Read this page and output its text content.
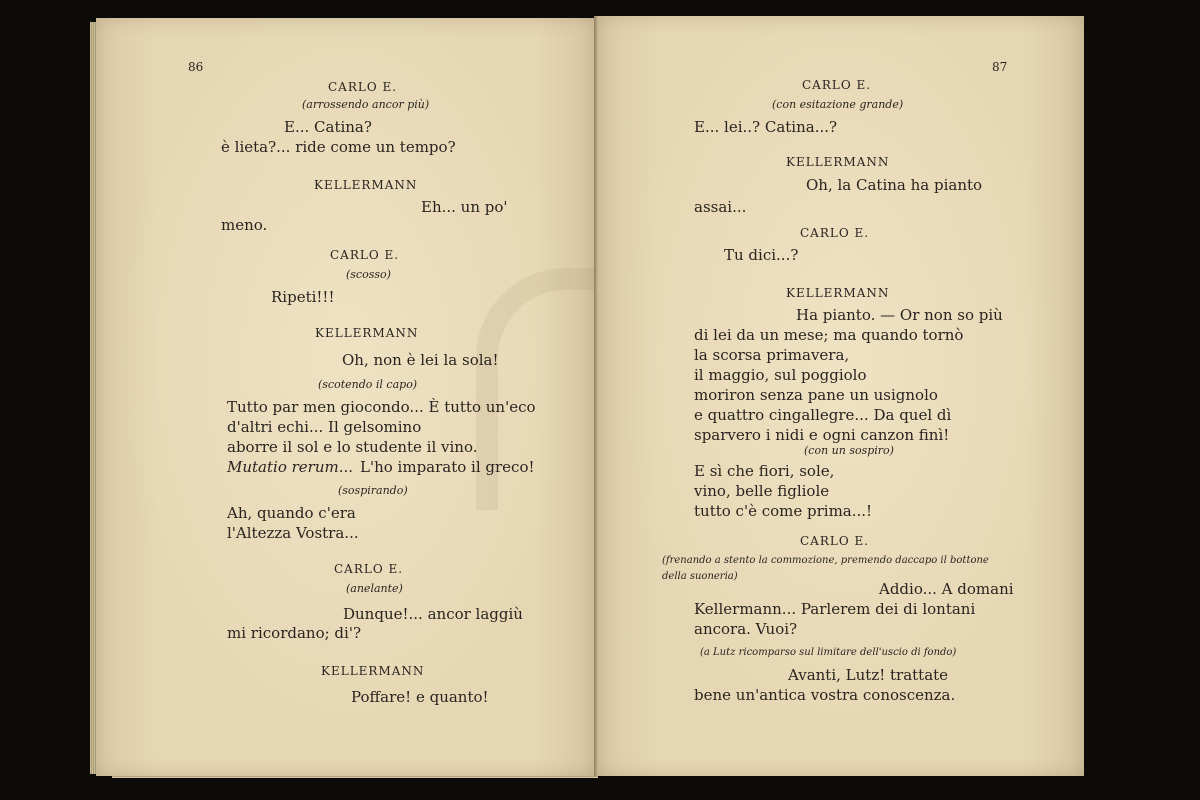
86
CARLO E.
(arrossendo ancor più)
E... Catina?
è lieta?... ride come un tempo?
KELLERMANN
Eh... un po'
meno.
CARLO E.
(scosso)
Ripeti!!!
KELLERMANN
Oh, non è lei la sola!
(scotendo il capo)
Tutto par men giocondo... È tutto un'eco
d'altri echi... Il gelsomino
aborre il sol e lo studente il vino.
Mutatio rerum... L'ho imparato il greco!
(sospirando)
Ah, quando c'era
l'Altezza Vostra...
CARLO E.
(anelante)
Dunque!... ancor laggiù
mi ricordano; di'?
KELLERMANN
Poffare! e quanto!
87
CARLO E.
(con esitazione grande)
E... lei..? Catina...?
KELLERMANN
Oh, la Catina ha pianto
assai...
CARLO E.
Tu dici...?
KELLERMANN
Ha pianto. — Or non so più
di lei da un mese; ma quando tornò
la scorsa primavera,
il maggio, sul poggiolo
moriron senza pane un usignolo
e quattro cingallegre... Da quel dì
sparvero i nidi e ogni canzon finì!
(con un sospiro)
E sì che fiori, sole,
vino, belle figliole
tutto c'è come prima...!
CARLO E.
(frenando a stento la commozione, premendo daccapo il bottone
della suoneria)
Addio... A domani
Kellermann... Parlerem dei di lontani
ancora. Vuoi?
(a Lutz ricomparso sul limitare dell'uscio di fondo)
Avanti, Lutz! trattate
bene un'antica vostra conoscenza.
